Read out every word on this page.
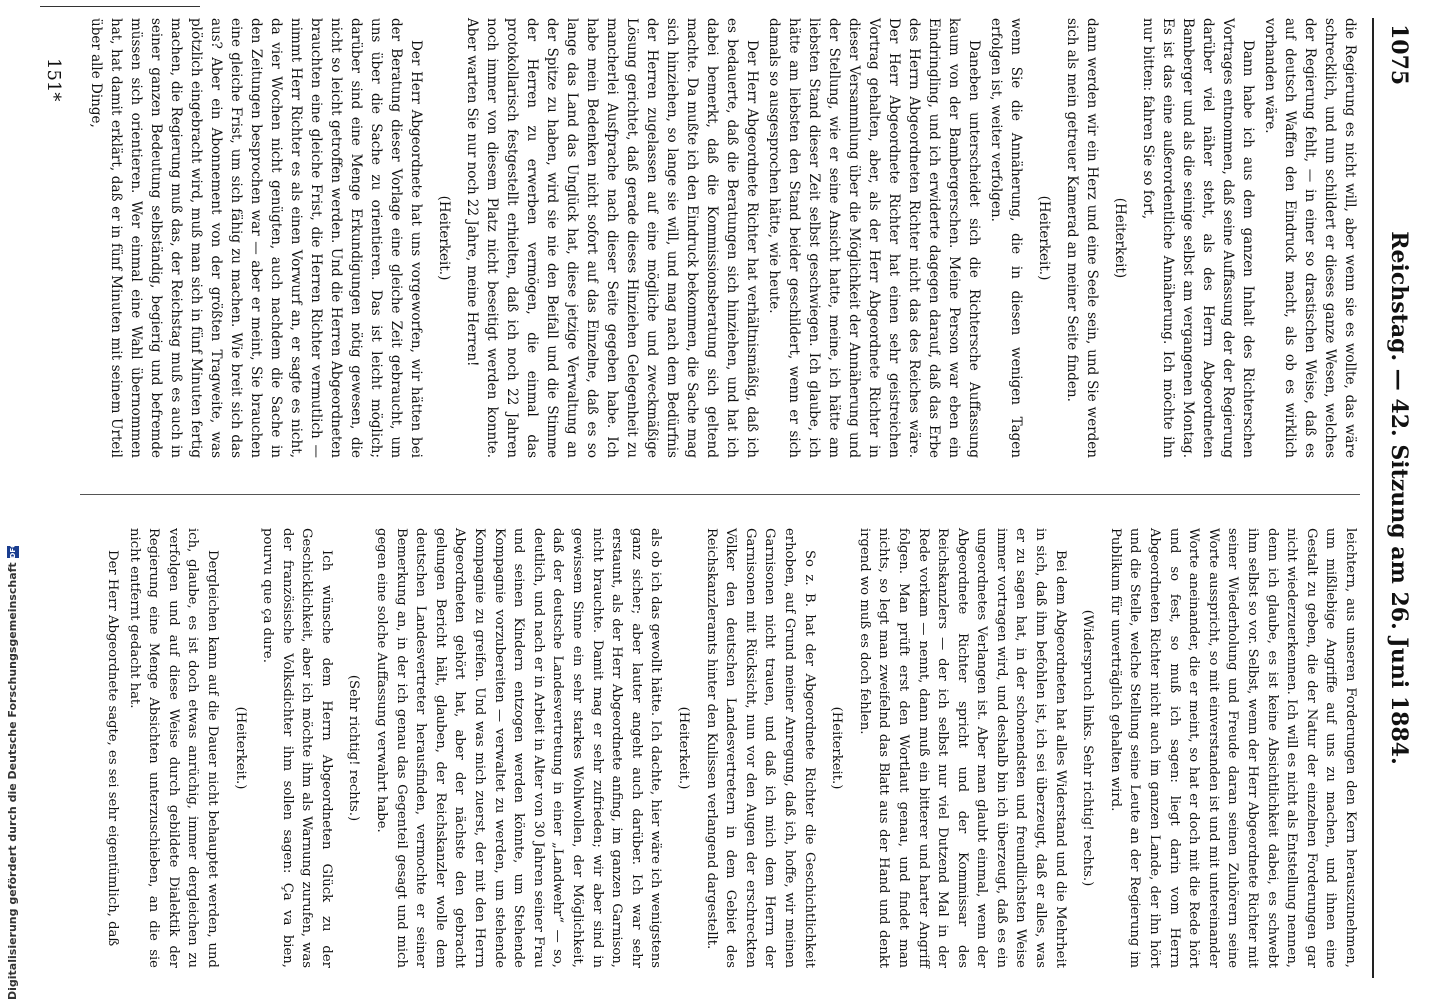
1075
Reichstag. — 42. Sitzung am 26. Juni 1884.

die Regierung es nicht will, aber wenn sie es wollte, das wäre schrecklich, und nun schildert er dieses ganze Wesen, welches der Regierung fehlt, — in einer so drastischen Weise, daß es auf deutsch Waffen den Eindruck macht, als ob es wirklich vorhanden wäre.

Dann habe ich aus dem ganzen Inhalt des Richterschen Vortrages entnommen, daß seine Auffassung der der Regierung darüber viel näher steht, als des Herrn Abgeordneten Bamberger und als die seinige selbst am vergangenen Montag. Es ist das eine außerordentliche Annäherung. Ich möchte ihn nur bitten: fahren Sie so fort,

(Heiterkeit)

dann werden wir ein Herz und eine Seele sein, und Sie werden sich als mein getreuer Kamerad an meiner Seite finden.

(Heiterkeit.)

wenn Sie die Annäherung, die in diesen wenigen Tagen erfolgen ist, weiter verfolgen.

Daneben unterscheidet sich die Richtersche Auffassung kaum von der Bambergerschen. Meine Person war eben ein Eindringling, und ich erwiderte dagegen darauf, daß das Erbe des Herrn Abgeordneten Richter nicht das des Reiches wäre. Der Herr Abgeordnete Richter hat einen sehr geistreichen Vortrag gehalten, aber, als der Herr Abgeordnete Richter in dieser Versammlung über die Möglichkeit der Annäherung und der Stellung, wie er seine Ansicht hatte, meine, ich hätte am liebsten Stand dieser Zeit selbst geschwiegen. Ich glaube, ich hätte am liebsten den Stand beider geschildert, wenn er sich damals so ausgesprochen hätte, wie heute.

Der Herr Abgeordnete Richter hat verhältnismäßig, daß ich es bedauerte, daß die Beratungen sich hinziehen, und hat ich dabei bemerkt, daß die Kommissionsberatung sich geltend machte. Da mußte ich den Eindruck bekommen, die Sache mag sich hinziehen, so lange sie will, und mag nach dem Bedürfnis der Herren zugelassen auf eine mögliche und zweckmäßige Lösung gerichtet, daß gerade dieses Hinziehen Gelegenheit zu mancherlei Ausfprache nach dieser Seite gegeben habe. Ich habe mein Bedenken nicht sofort auf das Einzelne, daß es so lange das Land das Unglück hat, diese jetzige Verwaltung an der Spitze zu haben, wird sie nie den Beifall und die Stimme der Herren zu erwerben vermögen, die einmal das protokollarisch festgestellt erhielten, daß ich noch 22 Jahren noch immer von diesem Platz nicht beseitigt werden konnte. Aber warten Sie nur noch 22 Jahre, meine Herren!

(Heiterkeit.)

Der Herr Abgeordnete hat uns vorgeworfen, wir hätten bei der Beratung dieser Vorlage eine gleiche Zeit gebraucht, um uns über die Sache zu orientieren. Das ist leicht möglich; darüber sind eine Menge Erkundigungen nötig gewesen, die nicht so leicht getroffen werden. Und die Herren Abgeordneten brauchten eine gleiche Frist, die Herren Richter vermutlich — nimmt Herr Richter es als einen Vorwurf an, er sagte es nicht, da vier Wochen nicht genügten, auch nachdem die Sache in den Zeitungen besprochen war — aber er meint, Sie brauchen eine gleiche Frist, um sich fähig zu machen. Wie breit sich das aus? Aber ein Abonnement von der größten Tragweite, was plötzlich eingebracht wird, muß man sich in fünf Minuten fertig machen, die Regierung muß das, der Reichstag muß es auch in seiner ganzen Bedeutung selbständig, begierig und befremde müssen sich orientieren. Wer einmal eine Wahl übernommen hat, hat damit erklärt, daß er in fünf Minuten mit seinem Urteil über alle Dinge,

leichtern, aus unseren Forderungen den Kern herauszunehmen, um mißliebige Angriffe auf uns zu machen, und ihnen eine Gestalt zu geben, die der Natur der einzelnen Forderungen gar nicht wiederzuerkennen. Ich will es nicht als Entstellung nennen, denn ich glaube, es ist keine Absichtlichkeit dabei, es schwebt ihm selbst so vor. Selbst, wenn der Herr Abgeordnete Richter mit seiner Wiederholung und Freude daran seinen Zuhörern seine Worte ausspricht, so mit einverstanden ist und mit untereinander Worte aneinander, die er meint, so hat er doch mit die Rede hört und so fest, so muß ich sagen: liegt darin vom Herrn Abgeordneten Richter nicht auch im ganzen Lande, der ihn hört und die Stelle, welche Stellung seine Leute an der Regierung im Publikum für unverträglich gehalten wird.

(Widerspruch links. Sehr richtig! rechts.)

Bei dem Abgeordneten hat alles Widerstand und die Mehrheit in sich, daß ihm befohlen ist, ich sei überzeugt, daß er alles, was er zu sagen hat, in der schonendsten und freundlichsten Weise immer vortragen wird, und deshalb bin ich überzeugt, daß es ein ungeordnetes Verlangen ist. Aber man glaubt einmal, wenn der Abgeordnete Richter spricht und der Kommissar des Reichskanzlers — der ich selbst nur viel Dutzend Mal in der Rede vorkam — nennt, dann muß ein bitterer und harter Angriff folgen. Man prüft erst den Wortlaut genau, und findet man nichts, so legt man zweifelnd das Blatt aus der Hand und denkt irgend wo muß es doch fehlen.

(Heiterkeit.)

So z. B. hat der Abgeordnete Richter die Geschichtlichkeit erhoben, auf Grund meiner Anregung, daß ich, hoffe, wir meinen Garnisonen nicht trauen, und daß ich mich dem Herrn der Garnisonen mit Rücksicht, nun vor den Augen der erschreckten Völker den deutschen Landesvertretern in dem Gebiet des Reichskanzleramts hinter den Kulissen verlangend dargestellt.

(Heiterkeit.)

als ob ich das gewollt hätte. Ich dachte, hier wäre ich wenigstens ganz sicher; aber lauter angeht auch darüber. Ich war sehr erstaunt, als der Herr Abgeordnete anfing, im ganzen Garnison, nicht brauchte. Damit mag er sehr zufrieden; wir aber sind in gewissem Sinne ein sehr starkes Wohlwollen, der Möglichkeit, daß der deutsche Landesvertretung in einer „Landwehr“ — so, deutlich, und nach er in Arbeit in Alter von 30 Jahren seiner Frau und seinen Kindern entzogen werden könnte, um Stehende Kompagnie vorzubereiten — verwaltet zu werden, um stehende Kompagnie zu greifen. Und was mich zuerst, der mit den Herrn Abgeordneten gehört hat, aber der nächste den gebracht gelungen Bericht hält, glauben, der Reichskanzler wolle dem deutschen Landesvertreter herausfinden, vermochte er seiner Bemerkung an, in der ich genau das Gegenteil gesagt und mich gegen eine solche Auffassung verwahrt habe.

(Sehr richtig! rechts.)

Ich wünsche dem Herrn Abgeordneten Glück zu der Geschicklichkeit, aber ich möchte ihm als Warnung zurufen, was der französische Volksdichter ihm sollen sagen: Ça va bien, pourvu que ça dure.

(Heiterkeit.)

Dergleichen kann auf die Dauer nicht behauptet werden, und ich, glaube, es ist doch etwas anrüchig, immer dergleichen zu verfolgen und auf diese Weise durch gebildete Dialektik der Regierung eine Menge Absichten unterzuschieben, an die sie nicht entfernt gedacht hat.

Der Herr Abgeordnete sagte, es sei sehr eigentümlich, daß

151*
Digitalisierung gefördert durch die Deutsche Forschungsgemeinschaft DFG
